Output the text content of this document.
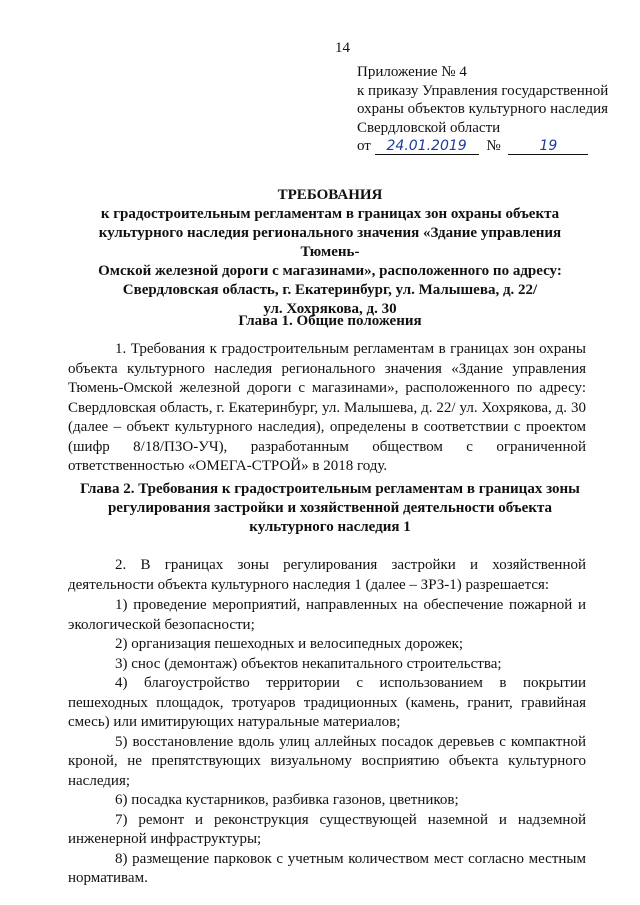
14
Приложение № 4
к приказу Управления государственной
охраны объектов культурного наследия
Свердловской области
от 24.01.2019 №	19
ТРЕБОВАНИЯ
к градостроительным регламентам в границах зон охраны объекта
культурного наследия регионального значения «Здание управления Тюмень-
Омской железной дороги с магазинами», расположенного по адресу:
Свердловская область, г. Екатеринбург, ул. Малышева, д. 22/
ул. Хохрякова, д. 30
Глава 1. Общие положения

1. Требования к градостроительным регламентам в границах зон охраны объекта культурного наследия регионального значения «Здание управления Тюмень-Омской железной дороги с магазинами», расположенного по адресу: Свердловская область, г. Екатеринбург, ул. Малышева, д. 22/ ул. Хохрякова, д. 30 (далее – объект культурного наследия), определены в соответствии с проектом (шифр 8/18/ПЗО-УЧ), разработанным обществом с ограниченной ответственностью «ОМЕГА-СТРОЙ» в 2018 году.

Глава 2. Требования к градостроительным регламентам в границах зоны
регулирования застройки и хозяйственной деятельности объекта
культурного наследия 1

2. В границах зоны регулирования застройки и хозяйственной деятельности объекта культурного наследия 1 (далее – ЗРЗ-1) разрешается:

1) проведение мероприятий, направленных на обеспечение пожарной и экологической безопасности;

2) организация пешеходных и велосипедных дорожек;

3) снос (демонтаж) объектов некапитального строительства;

4) благоустройство территории с использованием в покрытии пешеходных площадок, тротуаров традиционных (камень, гранит, гравийная смесь) или имитирующих натуральные материалов;

5) восстановление вдоль улиц аллейных посадок деревьев с компактной кроной, не препятствующих визуальному восприятию объекта культурного наследия;

6) посадка кустарников, разбивка газонов, цветников;

7) ремонт и реконструкция существующей наземной и надземной инженерной инфраструктуры;

8) размещение парковок с учетным количеством мест согласно местным нормативам.
